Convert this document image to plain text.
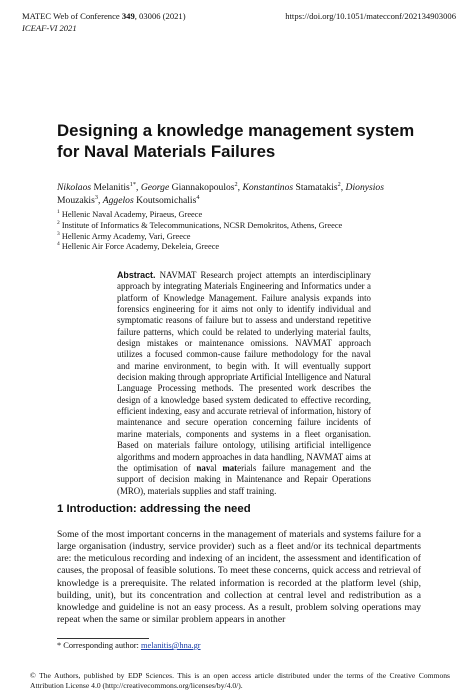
MATEC Web of Conference 349, 03006 (2021)
ICEAF-VI 2021
https://doi.org/10.1051/matecconf/202134903006
Designing a knowledge management system for Naval Materials Failures
Nikolaos Melanitis$^{1*}$, George Giannakopoulos$^2$, Konstantinos Stamatakis$^2$, Dionysios Mouzakis$^3$, Aggelos Koutsomichalis$^4$
$^1$ Hellenic Naval Academy, Piraeus, Greece
$^2$ Institute of Informatics & Telecommunications, NCSR Demokritos, Athens, Greece
$^3$ Hellenic Army Academy, Vari, Greece
$^4$ Hellenic Air Force Academy, Dekeleia, Greece
Abstract. NAVMAT Research project attempts an interdisciplinary approach by integrating Materials Engineering and Informatics under a platform of Knowledge Management. Failure analysis expands into forensics engineering for it aims not only to identify individual and symptomatic reasons of failure but to assess and understand repetitive failure patterns, which could be related to underlying material faults, design mistakes or maintenance omissions. NAVMAT approach utilizes a focused common-cause failure methodology for the naval and marine environment, to begin with. It will eventually support decision making through appropriate Artificial Intelligence and Natural Language Processing methods. The presented work describes the design of a knowledge based system dedicated to effective recording, efficient indexing, easy and accurate retrieval of information, history of maintenance and secure operation concerning failure incidents of marine materials, components and systems in a fleet organisation. Based on materials failure ontology, utilising artificial intelligence algorithms and modern approaches in data handling, NAVMAT aims at the optimisation of naval materials failure management and the support of decision making in Maintenance and Repair Operations (MRO), materials supplies and staff training.
1 Introduction: addressing the need
Some of the most important concerns in the management of materials and systems failure for a large organisation (industry, service provider) such as a fleet and/or its technical departments are: the meticulous recording and indexing of an incident, the assessment and identification of causes, the proposal of feasible solutions. To meet these concerns, quick access and retrieval of knowledge is a prerequisite. The related information is recorded at the platform level (ship, building, unit), but its concentration and collection at central level and redistribution as a knowledge and guideline is not an easy process. As a result, problem solving operations may repeat when the same or similar problem appears in another
* Corresponding author: melanitis@hna.gr
© The Authors, published by EDP Sciences. This is an open access article distributed under the terms of the Creative Commons Attribution License 4.0 (http://creativecommons.org/licenses/by/4.0/).
